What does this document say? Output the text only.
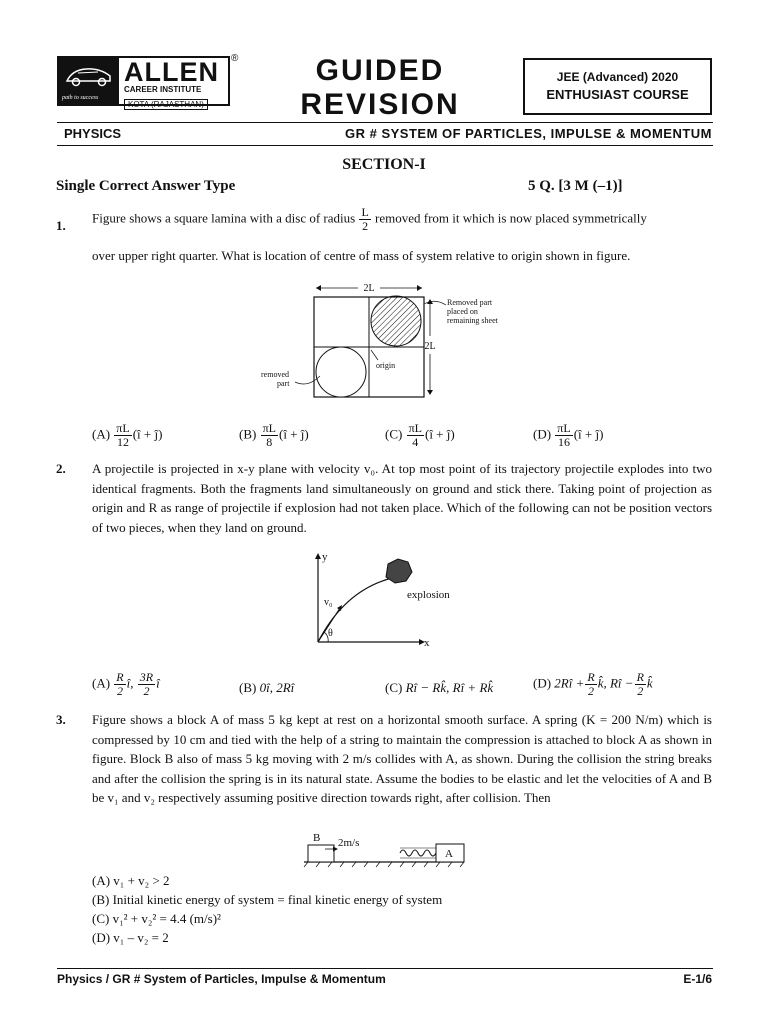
path to success
ALLEN
CAREER INSTITUTE
KOTA (RAJASTHAN)
®	GUIDED
REVISION
JEE (Advanced) 2020
ENTHUSIAST COURSE
PHYSICS	GR # SYSTEM OF PARTICLES, IMPULSE & MOMENTUM
SECTION-I
Single Correct Answer Type	5 Q. [3 M (–1)]
1.
Figure shows a square lamina with a disc of radius $\frac{L}{2}$ removed from it which is now placed symmetrically
over upper right quarter. What is location of centre of mass of system relative to origin shown in figure.
2L
2L
Removed part
placed on
remaining sheet
origin
removed
part
$(A) \frac{\pi L}{12}$ (î + ĵ)	$(B) \frac{\pi L}{8}$ (î + ĵ)	$(C) \frac{\pi L}{4}$ (î + ĵ)	$(D) \frac{\pi L}{16}$ (î + ĵ)
2. A projectile is projected in x-y plane with velocity v₀. At top most point of its trajectory projectile explodes into two identical fragments. Both the fragments land simultaneously on ground and stick there. Taking point of projection as origin and R as range of projectile if explosion had not taken place. Which of the following can not be position vectors of two pieces, when they land on ground.
y
x
v₀
θ
explosion
$(A) \frac{R}{2}$ î, $\frac{3R}{2}$ î	(B) 0î, 2Rî	(C) Rî − Rk̂, Rî + Rk̂	(D) 2Rî + $\frac{R}{2}$ k̂, Rî − $\frac{R}{2}$ k̂
3. Figure shows a block A of mass 5 kg kept at rest on a horizontal smooth surface. A spring (K = 200 N/m) which is compressed by 10 cm and tied with the help of a string to maintain the compression is attached to block A as shown in figure. Block B also of mass 5 kg moving with 2 m/s collides with A, as shown. During the collision the string breaks and after the collision the spring is in its natural state. Assume the bodies to be elastic and let the velocities of A and B be v₁ and v₂ respectively assuming positive direction towards right, after collision. Then
B 2m/s
A
(A) v₁ + v₂ > 2
(B) Initial kinetic energy of system = final kinetic energy of system
(C) v₁² + v₂² = 4.4 (m/s)²
(D) v₁ – v₂ = 2
Physics / GR # System of Particles, Impulse & Momentum	E-1/6
